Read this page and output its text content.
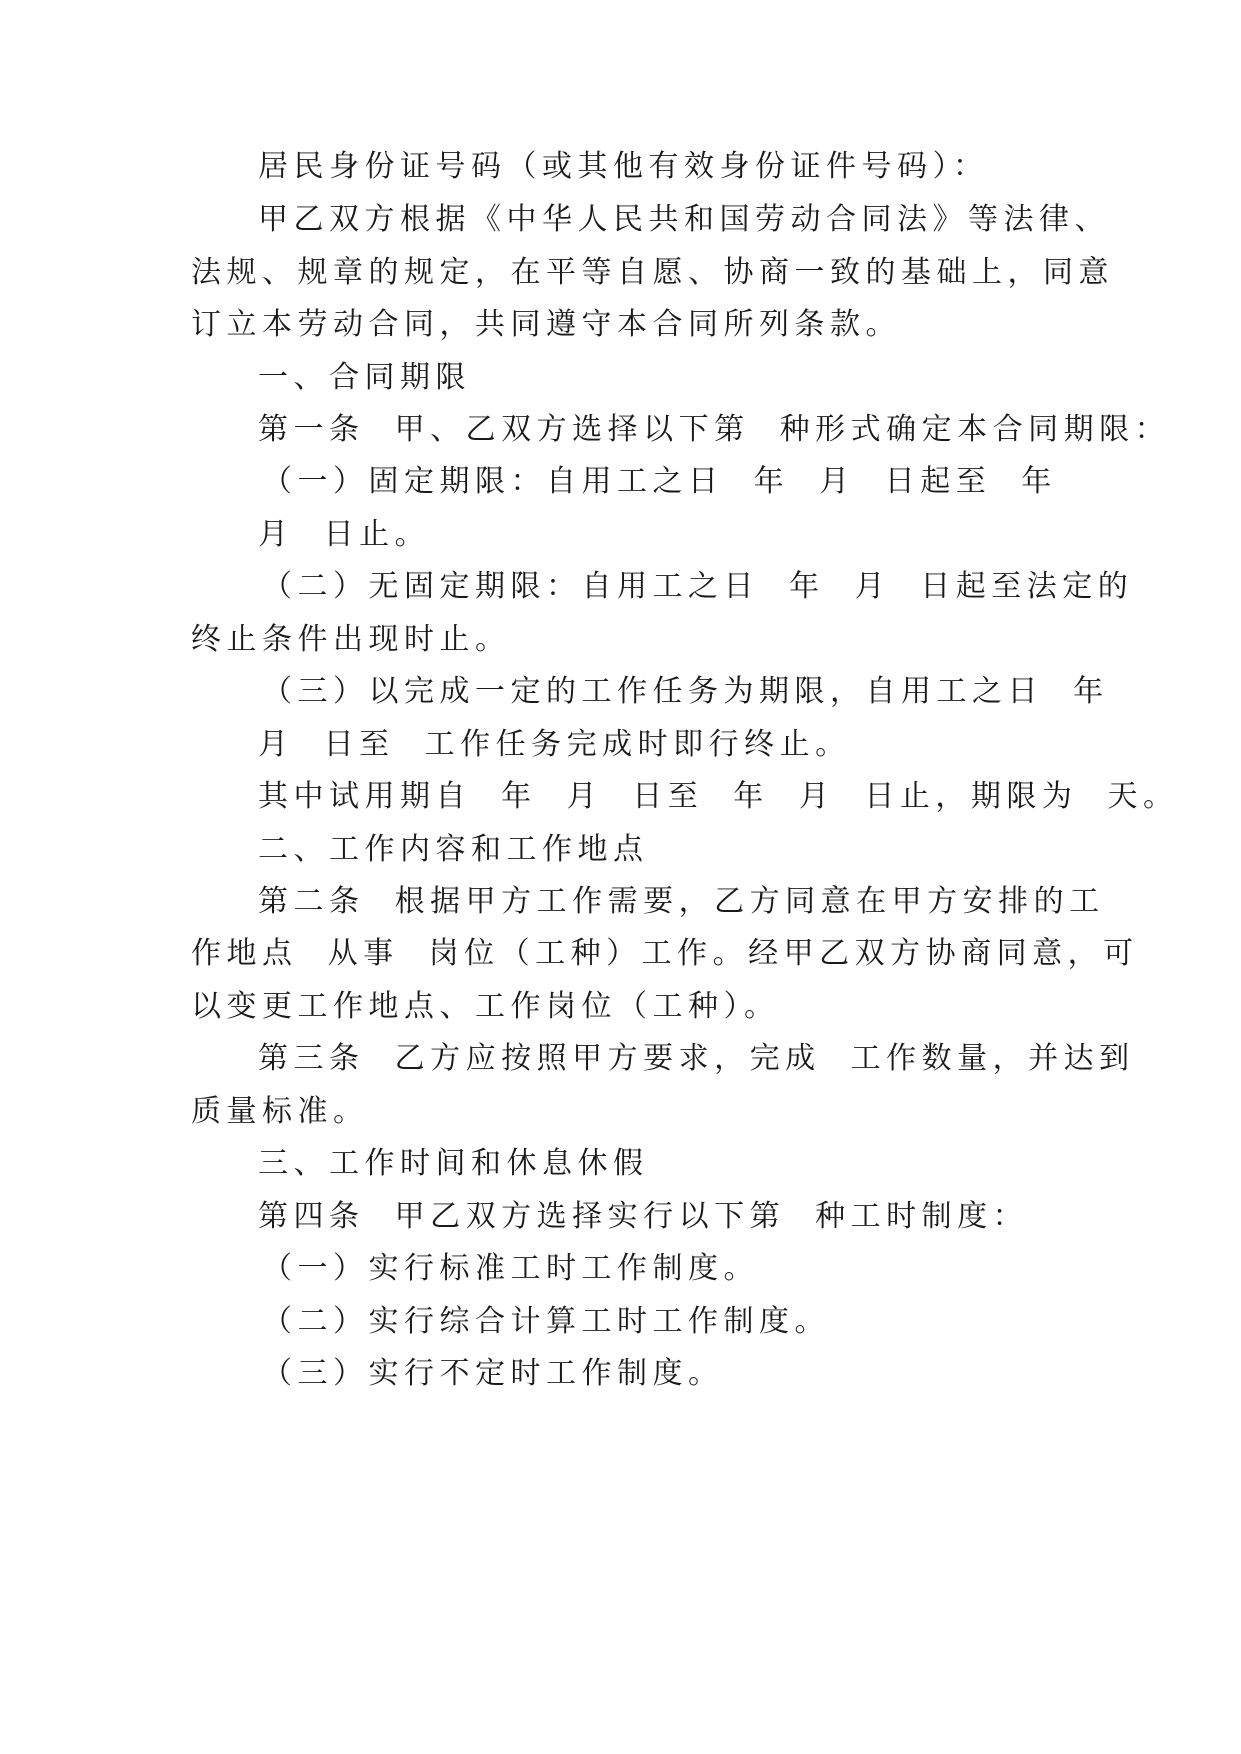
居民身份证号码（或其他有效身份证件号码）：
甲乙双方根据《中华人民共和国劳动合同法》等法律、
法规、规章的规定，在平等自愿、协商一致的基础上，同意
订立本劳动合同，共同遵守本合同所列条款。
一、合同期限
第一条  甲、乙双方选择以下第  种形式确定本合同期限：
（一）固定期限：自用工之日  年  月  日起至  年
月  日止。
（二）无固定期限：自用工之日  年  月  日起至法定的
终止条件出现时止。
（三）以完成一定的工作任务为期限，自用工之日  年
月  日至  工作任务完成时即行终止。
其中试用期自  年  月  日至  年  月  日止，期限为  天。
二、工作内容和工作地点
第二条  根据甲方工作需要，乙方同意在甲方安排的工
作地点  从事  岗位（工种）工作。经甲乙双方协商同意，可
以变更工作地点、工作岗位（工种）。
第三条  乙方应按照甲方要求，完成  工作数量，并达到
质量标准。
三、工作时间和休息休假
第四条  甲乙双方选择实行以下第  种工时制度：
（一）实行标准工时工作制度。
（二）实行综合计算工时工作制度。
（三）实行不定时工作制度。
